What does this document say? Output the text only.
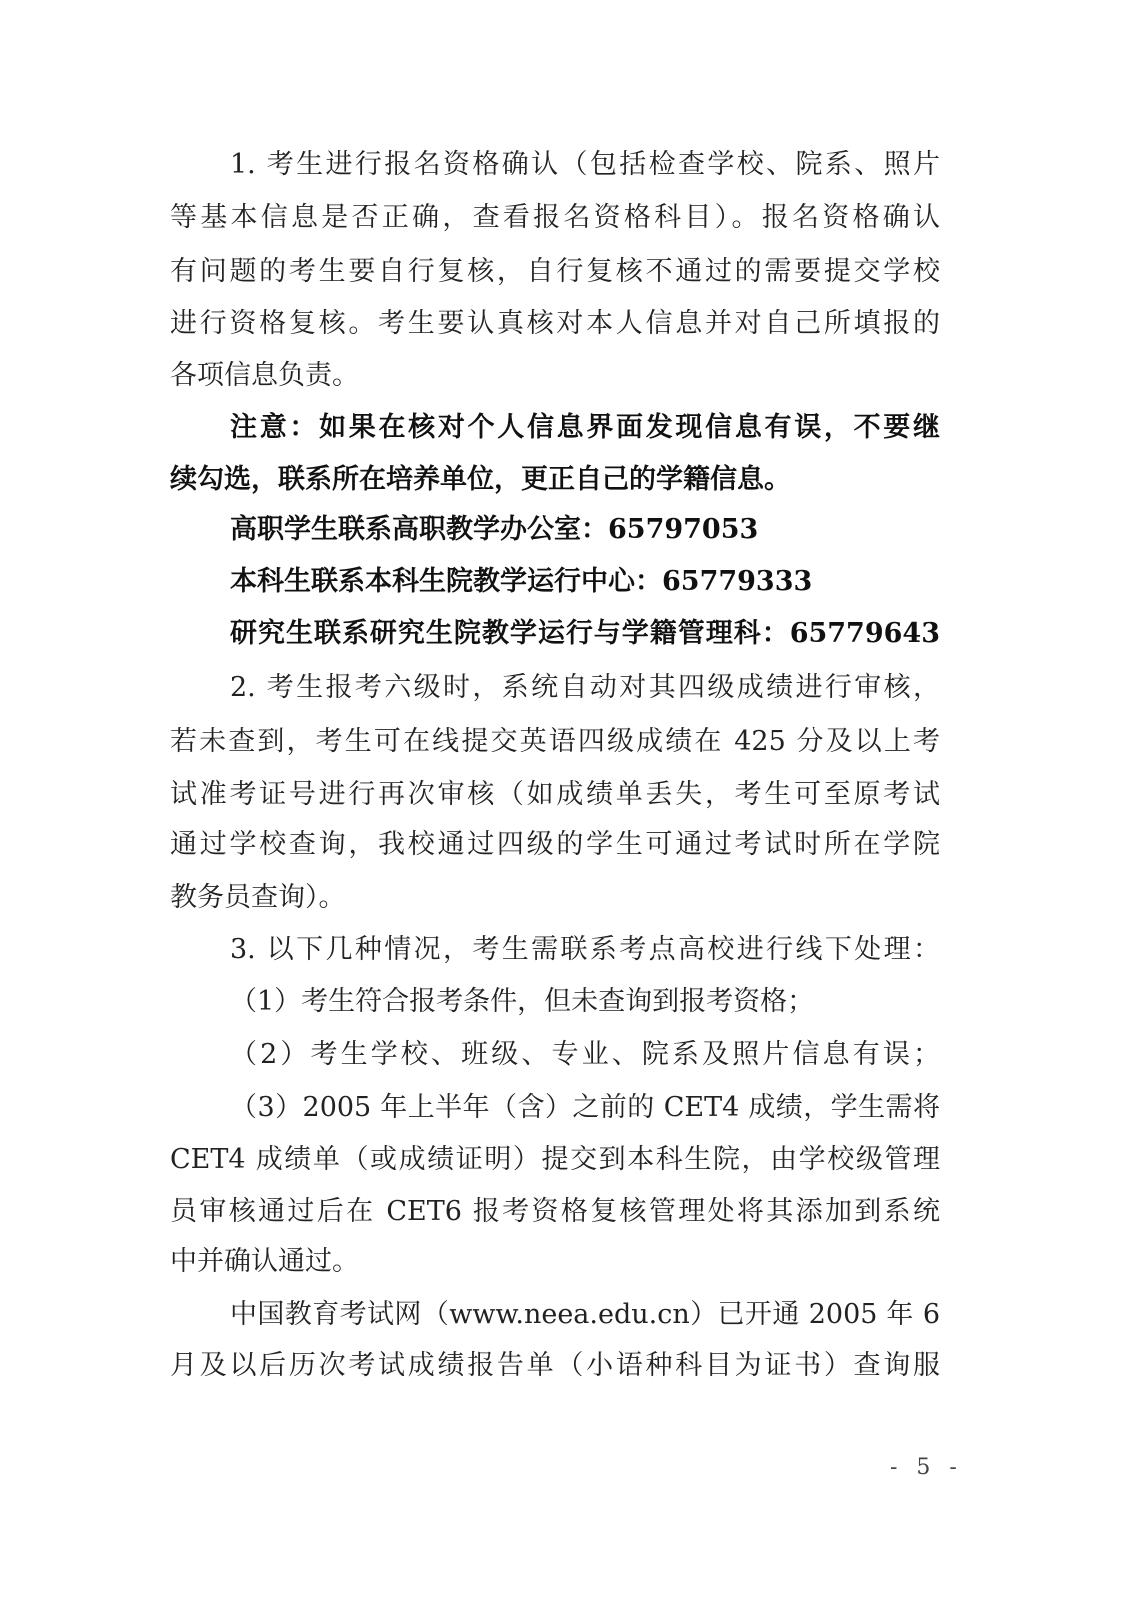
1. 考生进行报名资格确认（包括检查学校、院系、照片
等基本信息是否正确，查看报名资格科目）。报名资格确认
有问题的考生要自行复核，自行复核不通过的需要提交学校
进行资格复核。考生要认真核对本人信息并对自己所填报的
各项信息负责。
注意：如果在核对个人信息界面发现信息有误，不要继
续勾选，联系所在培养单位，更正自己的学籍信息。
高职学生联系高职教学办公室：65797053
本科生联系本科生院教学运行中心：65779333
研究生联系研究生院教学运行与学籍管理科：65779643
2. 考生报考六级时，系统自动对其四级成绩进行审核，
若未查到，考生可在线提交英语四级成绩在 425 分及以上考
试准考证号进行再次审核（如成绩单丢失，考生可至原考试
通过学校查询，我校通过四级的学生可通过考试时所在学院
教务员查询）。
3. 以下几种情况，考生需联系考点高校进行线下处理：
（1）考生符合报考条件，但未查询到报考资格；
（2）考生学校、班级、专业、院系及照片信息有误；
（3）2005 年上半年（含）之前的 CET4 成绩，学生需将
CET4 成绩单（或成绩证明）提交到本科生院，由学校级管理
员审核通过后在 CET6 报考资格复核管理处将其添加到系统
中并确认通过。
中国教育考试网（www.neea.edu.cn）已开通 2005 年 6
月及以后历次考试成绩报告单（小语种科目为证书）查询服
- 5 -
